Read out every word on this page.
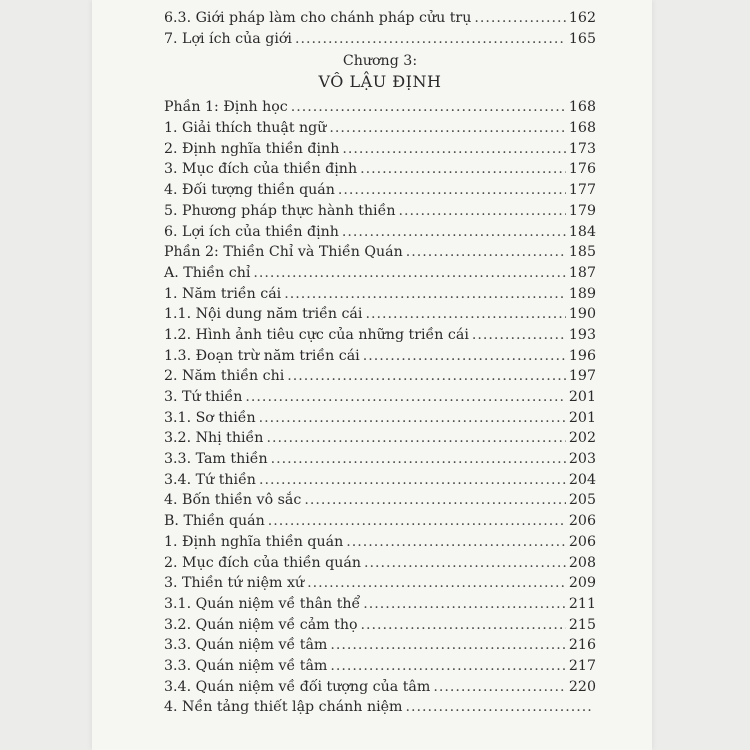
6.3. Giới pháp làm cho chánh pháp cửu trụ .....	162
7. Lợi ích của giới .....	165
Chương 3:
VÔ LẬU ĐỊNH
Phần 1: Định học .....	168
1. Giải thích thuật ngữ .....	168
2. Định nghĩa thiền định .....	173
3. Mục đích của thiền định .....	176
4. Đối tượng thiền quán .....	177
5. Phương pháp thực hành thiền .....	179
6. Lợi ích của thiền định .....	184
Phần 2: Thiền Chỉ và Thiền Quán .....	185
A. Thiền chỉ .....	187
1. Năm triền cái .....	189
1.1. Nội dung năm triền cái .....	190
1.2. Hình ảnh tiêu cực của những triền cái .....	193
1.3. Đoạn trừ năm triền cái .....	196
2. Năm thiền chi .....	197
3. Tứ thiền .....	201
3.1. Sơ thiền .....	201
3.2. Nhị thiền .....	202
3.3. Tam thiền .....	203
3.4. Tứ thiền .....	204
4. Bốn thiền vô sắc .....	205
B. Thiền quán .....	206
1. Định nghĩa thiền quán .....	206
2. Mục đích của thiền quán .....	208
3. Thiền tứ niệm xứ .....	209
3.1. Quán niệm về thân thể .....	211
3.2. Quán niệm về cảm thọ .....	215
3.3. Quán niệm về tâm .....	216
3.3. Quán niệm về tâm .....	217
3.4. Quán niệm về đối tượng của tâm .....	220
4. Nền tảng thiết lập chánh niệm
.....
